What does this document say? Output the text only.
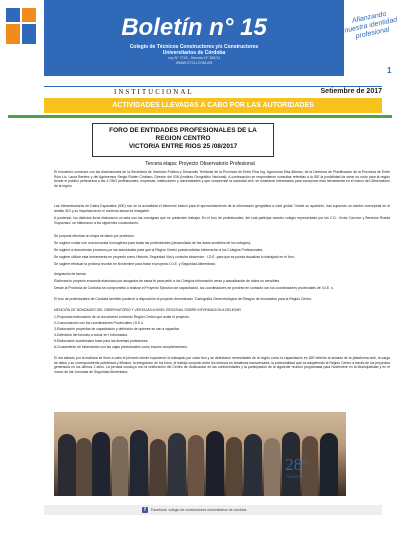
Boletín n° 15
Colegio de Técnicos Constructores y/o Constructores
Universitarios de Córdoba
Ley N° 7743 - Decreto N° 382/11
WWW.CTCU.COM.AR
Afianzando nuestra identidad profesional
1
INSTITUCIONAL	Setiembre de 2017
ACTIVIDADES LLEVADAS A CABO POR LAS AUTORIDADES
FORO DE ENTIDADES PROFESIONALES DE LA
REGION CENTRO
VICTORIA ENTRE RIOS 25 /08/2017
Tercera etapa: Proyecto Observatorio Profesional
El encuentro comenzó con las disertaciones de la Secretaría de Inversión Pública y Desarrollo Territorial de la Provincia de Entre Ríos Ing. Agrónoma Elsa Alfonso; de la Directora de Planificación de la Provincia de Entre Ríos Lic. Laura Benitez y del Agrimensor Sergio Rubén Cimbaro, Director del IGN (Instituto Geográfico Nacional). A continuación se respondieron consultas referidas a la IDE la posibilidad de crear un nodo para la región donde el público pertenezca a las 4 ONG profesionales, empresas, instituciones y universidades y que comprende la sociedad civil, se mostraron interesados para incorporar esta herramienta en el marco del Observatorio de la región.
Las Infraestructuras de Datos Espaciales (IDE) son en la actualidad el elemento básico para el aprovechamiento de la información geográfica a nivel global. Desde su aparición, han supuesto un cambio conceptual en el ámbito SIG y su importancia en el contexto actual es innegable.
A posteriori, los distintos foros elaboraron un acta con las consignas que se pretenden trabajar. En el foro de profesionales, del cual participa nuestro colegio representado por los C.D.: Víctor Cerrone y Berenice Rueda Guyschard, se elaboraron a los siguientes conclusiones:
Se propone efectuar un mapa de datos por profesión:
Se sugiere contar con una encuesta homogénea para todas las profesionales (desarrollado de las datos sensibles de los colegios);
Se sugiere a documentar procesos por las autoridades para que la Región Centro pueda solicitar información a los Colegios Profesionales;
Se sugiere utilizar esta herramienta en proyecto como Historia, Seguridad Vial y consolar bioservice · I.D.E. para que se pueda visualizar lo trabajado en el foro;
Se sugiere efectuar la próxima reunión en Noviembre para tratar el proyecto I.D.E. y Seguridad Alimentaria;
Asignación de tareas:
Elaboración proyecto encuesta elaborado por abogados de santa fe para pedir a los Colegios información veraz y actualización de datos no sensibles.
Desde la Provincia de Córdoba se comprometió a realizar el Proyecto Ejecutivo de capacitación, los coordinadores se pondrán en contacto con los coordinadores provinciales de I.D.E. s.
El foro de profesionales de Córdoba también pusieron a disposición el proyecto denominado "Cartografía Geomorfológica de Riesgos de Inundación para la Región Centro.
MENCIÓN DE BONDADES DEL OBSERVATORIO Y VENTAJAS A NIVEL REGIONAL SOBRE INFORMACION A RELEVAR
1-Propuesta elaboración de un documento enviando Región Centro que avale el proyecto.
2-Comunicación con los coordinadores Provinciales I.D.E.s
3-Elaboración proyectas de capacitación y definición de quienes se van a capacitar
4-Definición del formato a volcar en I Informados.
5-Elaboración cuestionario base para las diversas profesiones.
6-Cruzamiento de información con las cajas previsionales como insumo complementario.
El día sábado por la mañana se llevó a cabo el plenario donde expusieron lo trabajado por cada foro y se detectaron necesidades de la región como la capacitación en IDE referido al armado de la plataforma web, la carga de datos y su correspondiente publicidad y difusión; la integración de los foros, el trabajo conjunto entre los mismos en temáticas transversales, la potencialidad que va adquiriendo la Región Centro a través de los proyectos generados en los últimos 2 años. La jornada concluyó con la celebración del Centro de Graduación en las conformidades y la participación de la siguiente reunión programada para Noviembre en la Municipalidad y en el marco de las Jornadas de Seguridad Alimentaria.
28°
Aniversario
f	Facebook: colegio de constructores universitarios de córdoba
